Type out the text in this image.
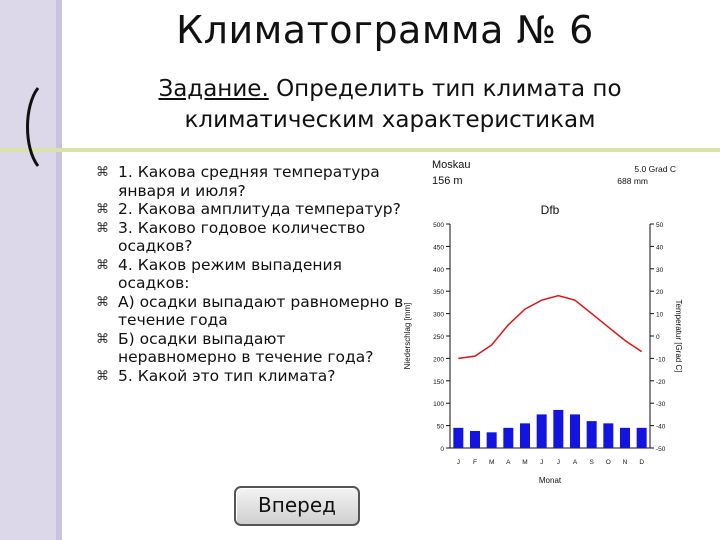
Климатограмма № 6
Задание. Определить тип климата по
климатическим характеристикам
⌘ 1. Какова средняя температура января и июля?
⌘ 2. Какова амплитуда температур?
⌘ 3. Каково годовое количество осадков?
⌘ 4. Каков режим выпадения осадков:
⌘ А) осадки выпадают равномерно в течение года
⌘ Б) осадки выпадают неравномерно в течение года?
⌘ 5. Какой это тип климата?
Moskau
156 m
5.0 Grad C
688 mm
Dfb
0
50
100
150
200
250
300
350
400
450
500
-50
-40
-30
-20
-10
0
10
20
30
40
50
Niederschlag [mm]	Temperatur [Grad C]
J F M A M J J A S O N D
Monat
Вперед
